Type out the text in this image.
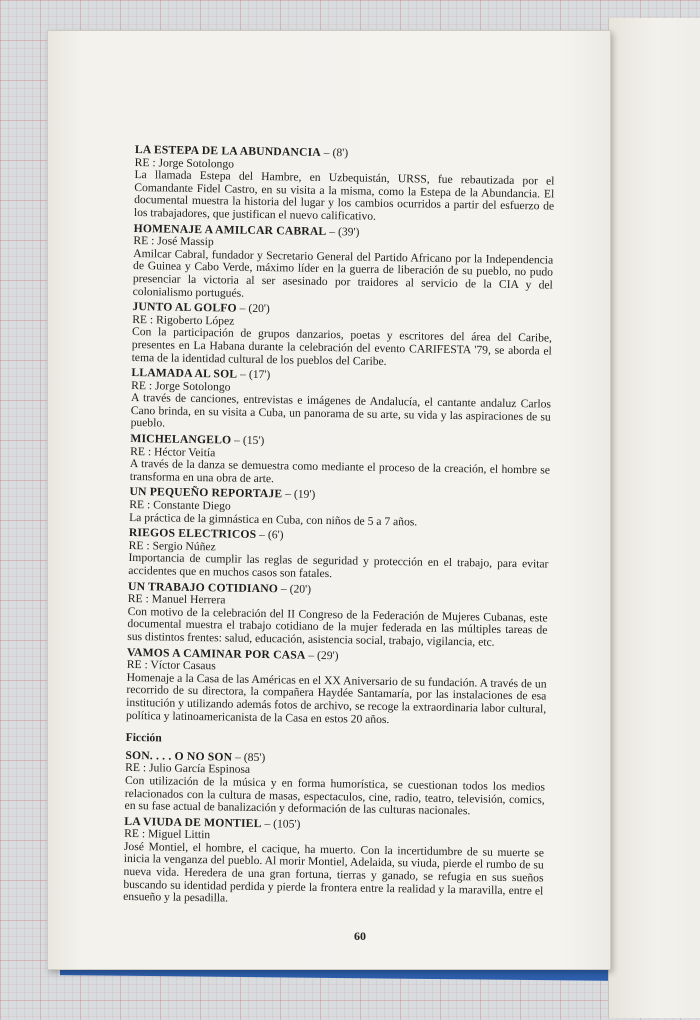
LA ESTEPA DE LA ABUNDANCIA – (8')
RE : Jorge Sotolongo
La llamada Estepa del Hambre, en Uzbequistán, URSS, fue rebautizada por el Comandante Fidel Castro, en su visita a la misma, como la Estepa de la Abundancia. El documental muestra la historia del lugar y los cambios ocurridos a partir del esfuerzo de los trabajadores, que justifican el nuevo calificativo.
HOMENAJE A AMILCAR CABRAL – (39')
RE : José Massip
Amilcar Cabral, fundador y Secretario General del Partido Africano por la Independencia de Guinea y Cabo Verde, máximo líder en la guerra de liberación de su pueblo, no pudo presenciar la victoria al ser asesinado por traidores al servicio de la CIA y del colonialismo portugués.
JUNTO AL GOLFO – (20')
RE : Rigoberto López
Con la participación de grupos danzarios, poetas y escritores del área del Caribe, presentes en La Habana durante la celebración del evento CARIFESTA '79, se aborda el tema de la identidad cultural de los pueblos del Caribe.
LLAMADA AL SOL – (17')
RE : Jorge Sotolongo
A través de canciones, entrevistas e imágenes de Andalucía, el cantante andaluz Carlos Cano brinda, en su visita a Cuba, un panorama de su arte, su vida y las aspiraciones de su pueblo.
MICHELANGELO – (15')
RE : Héctor Veitía
A través de la danza se demuestra como mediante el proceso de la creación, el hombre se transforma en una obra de arte.
UN PEQUEÑO REPORTAJE – (19')
RE : Constante Diego
La práctica de la gimnástica en Cuba, con niños de 5 a 7 años.
RIEGOS ELECTRICOS – (6')
RE : Sergio Núñez
Importancia de cumplir las reglas de seguridad y protección en el trabajo, para evitar accidentes que en muchos casos son fatales.
UN TRABAJO COTIDIANO – (20')
RE : Manuel Herrera
Con motivo de la celebración del II Congreso de la Federación de Mujeres Cubanas, este documental muestra el trabajo cotidiano de la mujer federada en las múltiples tareas de sus distintos frentes: salud, educación, asistencia social, trabajo, vigilancia, etc.
VAMOS A CAMINAR POR CASA – (29')
RE : Víctor Casaus
Homenaje a la Casa de las Américas en el XX Aniversario de su fundación. A través de un recorrido de su directora, la compañera Haydée Santamaría, por las instalaciones de esa institución y utilizando además fotos de archivo, se recoge la extraordinaria labor cultural, política y latinoamericanista de la Casa en estos 20 años.
Ficción
SON. . . . O NO SON – (85')
RE : Julio García Espinosa
Con utilización de la música y en forma humorística, se cuestionan todos los medios relacionados con la cultura de masas, espectaculos, cine, radio, teatro, televisión, comics, en su fase actual de banalización y deformación de las culturas nacionales.
LA VIUDA DE MONTIEL – (105')
RE : Miguel Littin
José Montiel, el hombre, el cacique, ha muerto. Con la incertidumbre de su muerte se inicia la venganza del pueblo. Al morir Montiel, Adelaida, su viuda, pierde el rumbo de su nueva vida. Heredera de una gran fortuna, tierras y ganado, se refugia en sus sueños buscando su identidad perdida y pierde la frontera entre la realidad y la maravilla, entre el ensueño y la pesadilla.
60
